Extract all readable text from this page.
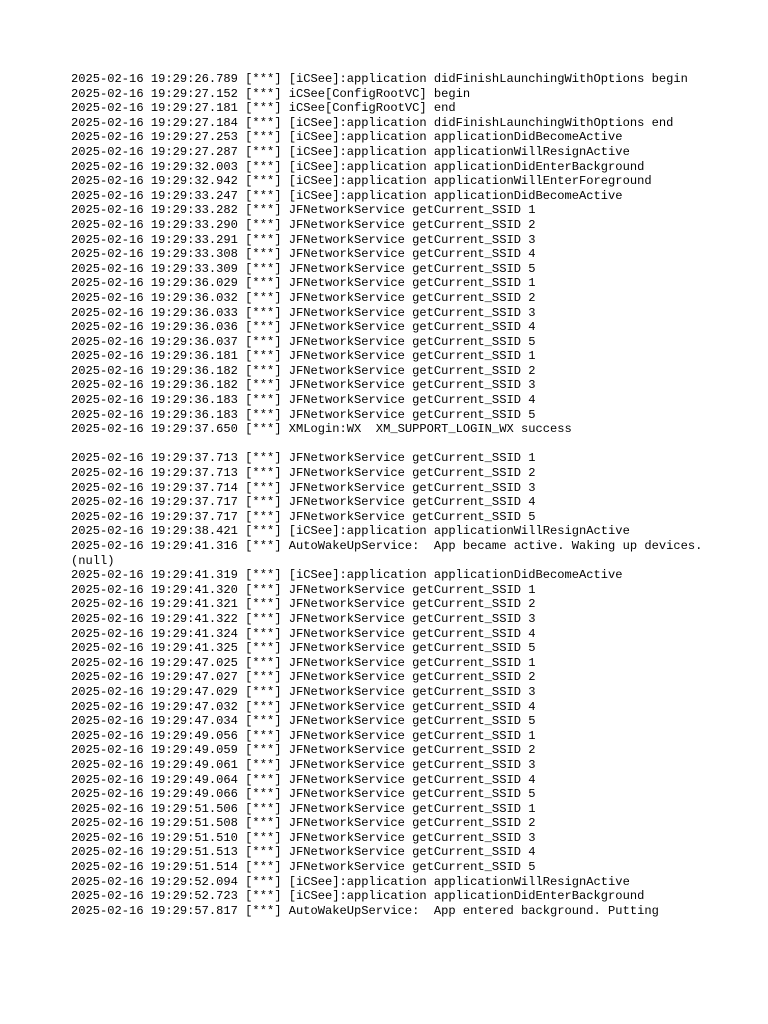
2025-02-16 19:29:26.789 [***] [iCSee]:application didFinishLaunchingWithOptions begin
2025-02-16 19:29:27.152 [***] iCSee[ConfigRootVC] begin
2025-02-16 19:29:27.181 [***] iCSee[ConfigRootVC] end
2025-02-16 19:29:27.184 [***] [iCSee]:application didFinishLaunchingWithOptions end
2025-02-16 19:29:27.253 [***] [iCSee]:application applicationDidBecomeActive
2025-02-16 19:29:27.287 [***] [iCSee]:application applicationWillResignActive
2025-02-16 19:29:32.003 [***] [iCSee]:application applicationDidEnterBackground
2025-02-16 19:29:32.942 [***] [iCSee]:application applicationWillEnterForeground
2025-02-16 19:29:33.247 [***] [iCSee]:application applicationDidBecomeActive
2025-02-16 19:29:33.282 [***] JFNetworkService getCurrent_SSID 1
2025-02-16 19:29:33.290 [***] JFNetworkService getCurrent_SSID 2
2025-02-16 19:29:33.291 [***] JFNetworkService getCurrent_SSID 3
2025-02-16 19:29:33.308 [***] JFNetworkService getCurrent_SSID 4
2025-02-16 19:29:33.309 [***] JFNetworkService getCurrent_SSID 5
2025-02-16 19:29:36.029 [***] JFNetworkService getCurrent_SSID 1
2025-02-16 19:29:36.032 [***] JFNetworkService getCurrent_SSID 2
2025-02-16 19:29:36.033 [***] JFNetworkService getCurrent_SSID 3
2025-02-16 19:29:36.036 [***] JFNetworkService getCurrent_SSID 4
2025-02-16 19:29:36.037 [***] JFNetworkService getCurrent_SSID 5
2025-02-16 19:29:36.181 [***] JFNetworkService getCurrent_SSID 1
2025-02-16 19:29:36.182 [***] JFNetworkService getCurrent_SSID 2
2025-02-16 19:29:36.182 [***] JFNetworkService getCurrent_SSID 3
2025-02-16 19:29:36.183 [***] JFNetworkService getCurrent_SSID 4
2025-02-16 19:29:36.183 [***] JFNetworkService getCurrent_SSID 5
2025-02-16 19:29:37.650 [***] XMLogin:WX  XM_SUPPORT_LOGIN_WX success

2025-02-16 19:29:37.713 [***] JFNetworkService getCurrent_SSID 1
2025-02-16 19:29:37.713 [***] JFNetworkService getCurrent_SSID 2
2025-02-16 19:29:37.714 [***] JFNetworkService getCurrent_SSID 3
2025-02-16 19:29:37.717 [***] JFNetworkService getCurrent_SSID 4
2025-02-16 19:29:37.717 [***] JFNetworkService getCurrent_SSID 5
2025-02-16 19:29:38.421 [***] [iCSee]:application applicationWillResignActive
2025-02-16 19:29:41.316 [***] AutoWakeUpService:  App became active. Waking up devices. (null)
2025-02-16 19:29:41.319 [***] [iCSee]:application applicationDidBecomeActive
2025-02-16 19:29:41.320 [***] JFNetworkService getCurrent_SSID 1
2025-02-16 19:29:41.321 [***] JFNetworkService getCurrent_SSID 2
2025-02-16 19:29:41.322 [***] JFNetworkService getCurrent_SSID 3
2025-02-16 19:29:41.324 [***] JFNetworkService getCurrent_SSID 4
2025-02-16 19:29:41.325 [***] JFNetworkService getCurrent_SSID 5
2025-02-16 19:29:47.025 [***] JFNetworkService getCurrent_SSID 1
2025-02-16 19:29:47.027 [***] JFNetworkService getCurrent_SSID 2
2025-02-16 19:29:47.029 [***] JFNetworkService getCurrent_SSID 3
2025-02-16 19:29:47.032 [***] JFNetworkService getCurrent_SSID 4
2025-02-16 19:29:47.034 [***] JFNetworkService getCurrent_SSID 5
2025-02-16 19:29:49.056 [***] JFNetworkService getCurrent_SSID 1
2025-02-16 19:29:49.059 [***] JFNetworkService getCurrent_SSID 2
2025-02-16 19:29:49.061 [***] JFNetworkService getCurrent_SSID 3
2025-02-16 19:29:49.064 [***] JFNetworkService getCurrent_SSID 4
2025-02-16 19:29:49.066 [***] JFNetworkService getCurrent_SSID 5
2025-02-16 19:29:51.506 [***] JFNetworkService getCurrent_SSID 1
2025-02-16 19:29:51.508 [***] JFNetworkService getCurrent_SSID 2
2025-02-16 19:29:51.510 [***] JFNetworkService getCurrent_SSID 3
2025-02-16 19:29:51.513 [***] JFNetworkService getCurrent_SSID 4
2025-02-16 19:29:51.514 [***] JFNetworkService getCurrent_SSID 5
2025-02-16 19:29:52.094 [***] [iCSee]:application applicationWillResignActive
2025-02-16 19:29:52.723 [***] [iCSee]:application applicationDidEnterBackground
2025-02-16 19:29:57.817 [***] AutoWakeUpService:  App entered background. Putting
